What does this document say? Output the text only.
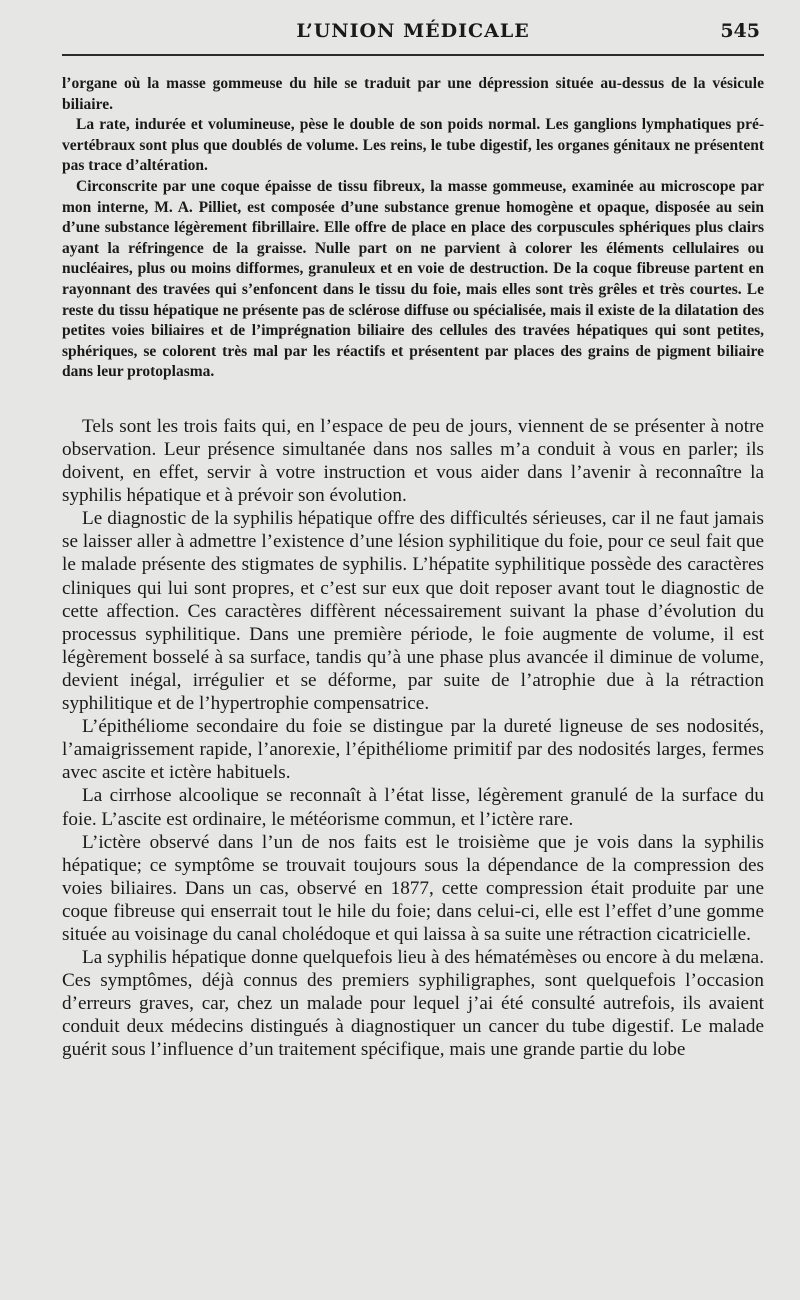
L’UNION MÉDICALE	545

l’organe où la masse gommeuse du hile se traduit par une dépression située au-dessus de la vésicule biliaire.

La rate, indurée et volumineuse, pèse le double de son poids normal. Les ganglions lymphatiques pré-vertébraux sont plus que doublés de volume. Les reins, le tube digestif, les organes génitaux ne présentent pas trace d’altération.

Circonscrite par une coque épaisse de tissu fibreux, la masse gommeuse, examinée au microscope par mon interne, M. A. Pilliet, est composée d’une substance grenue homogène et opaque, disposée au sein d’une substance légèrement fibrillaire. Elle offre de place en place des corpuscules sphériques plus clairs ayant la réfringence de la graisse. Nulle part on ne parvient à colorer les éléments cellulaires ou nucléaires, plus ou moins difformes, granuleux et en voie de destruction. De la coque fibreuse partent en rayonnant des travées qui s’enfoncent dans le tissu du foie, mais elles sont très grêles et très courtes. Le reste du tissu hépatique ne présente pas de sclérose diffuse ou spécialisée, mais il existe de la dilatation des petites voies biliaires et de l’imprégnation biliaire des cellules des travées hépatiques qui sont petites, sphériques, se colorent très mal par les réactifs et présentent par places des grains de pigment biliaire dans leur protoplasma.

Tels sont les trois faits qui, en l’espace de peu de jours, viennent de se présenter à notre observation. Leur présence simultanée dans nos salles m’a conduit à vous en parler; ils doivent, en effet, servir à votre instruction et vous aider dans l’avenir à reconnaître la syphilis hépatique et à prévoir son évolution.

Le diagnostic de la syphilis hépatique offre des difficultés sérieuses, car il ne faut jamais se laisser aller à admettre l’existence d’une lésion syphilitique du foie, pour ce seul fait que le malade présente des stigmates de syphilis. L’hépatite syphilitique possède des caractères cliniques qui lui sont propres, et c’est sur eux que doit reposer avant tout le diagnostic de cette affection. Ces caractères diffèrent nécessairement suivant la phase d’évolution du processus syphilitique. Dans une première période, le foie augmente de volume, il est légèrement bosselé à sa surface, tandis qu’à une phase plus avancée il diminue de volume, devient inégal, irrégulier et se déforme, par suite de l’atrophie due à la rétraction syphilitique et de l’hypertrophie compensatrice.

L’épithéliome secondaire du foie se distingue par la dureté ligneuse de ses nodosités, l’amaigrissement rapide, l’anorexie, l’épithéliome primitif par des nodosités larges, fermes avec ascite et ictère habituels.

La cirrhose alcoolique se reconnaît à l’état lisse, légèrement granulé de la surface du foie. L’ascite est ordinaire, le météorisme commun, et l’ictère rare.

L’ictère observé dans l’un de nos faits est le troisième que je vois dans la syphilis hépatique; ce symptôme se trouvait toujours sous la dépendance de la compression des voies biliaires. Dans un cas, observé en 1877, cette compression était produite par une coque fibreuse qui enserrait tout le hile du foie; dans celui-ci, elle est l’effet d’une gomme située au voisinage du canal cholédoque et qui laissa à sa suite une rétraction cicatricielle.

La syphilis hépatique donne quelquefois lieu à des hématémèses ou encore à du melæna. Ces symptômes, déjà connus des premiers syphiligraphes, sont quelquefois l’occasion d’erreurs graves, car, chez un malade pour lequel j’ai été consulté autrefois, ils avaient conduit deux médecins distingués à diagnostiquer un cancer du tube digestif. Le malade guérit sous l’influence d’un traitement spécifique, mais une grande partie du lobe
